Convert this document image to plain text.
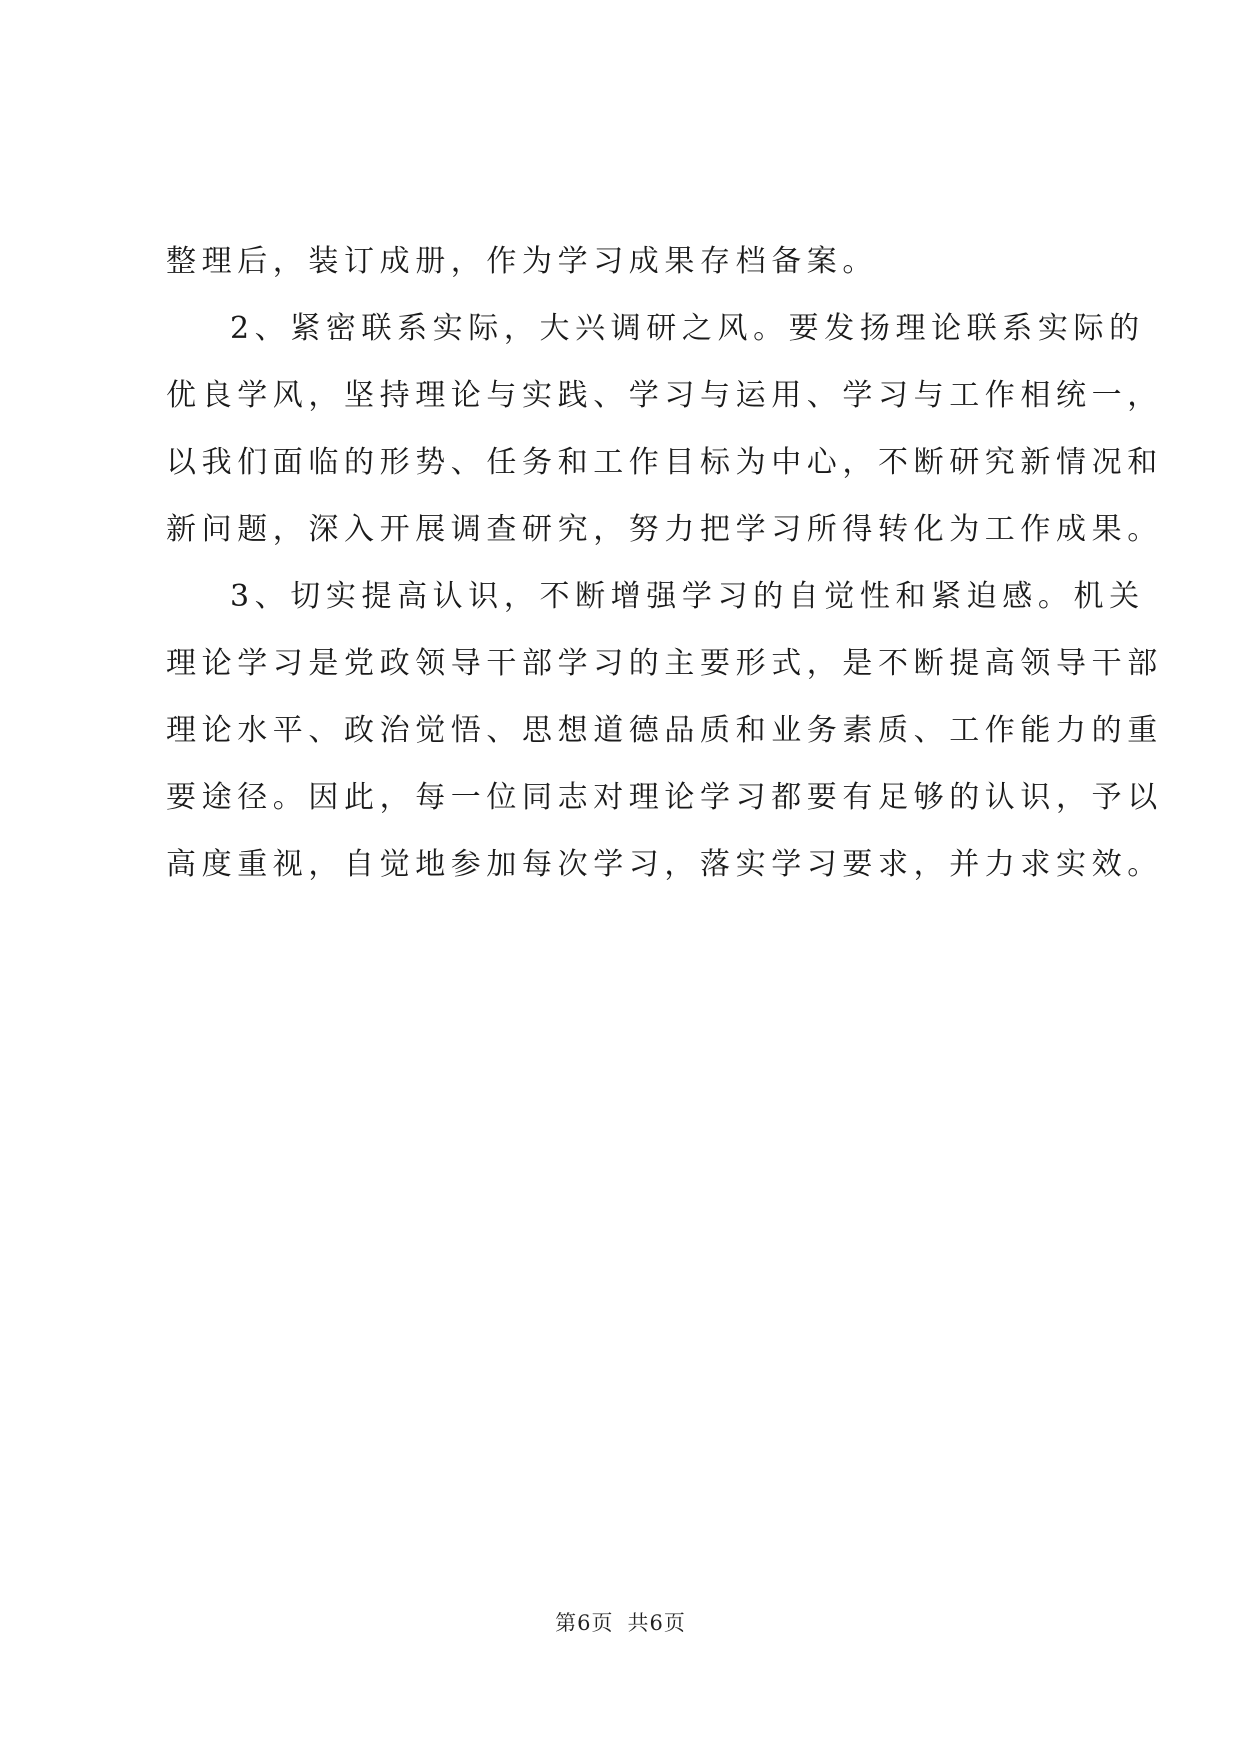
整理后，装订成册，作为学习成果存档备案。
2、紧密联系实际，大兴调研之风。要发扬理论联系实际的
优良学风，坚持理论与实践、学习与运用、学习与工作相统一，
以我们面临的形势、任务和工作目标为中心，不断研究新情况和
新问题，深入开展调查研究，努力把学习所得转化为工作成果。
3、切实提高认识，不断增强学习的自觉性和紧迫感。机关
理论学习是党政领导干部学习的主要形式，是不断提高领导干部
理论水平、政治觉悟、思想道德品质和业务素质、工作能力的重
要途径。因此，每一位同志对理论学习都要有足够的认识，予以
高度重视，自觉地参加每次学习，落实学习要求，并力求实效。
第6页 共6页
